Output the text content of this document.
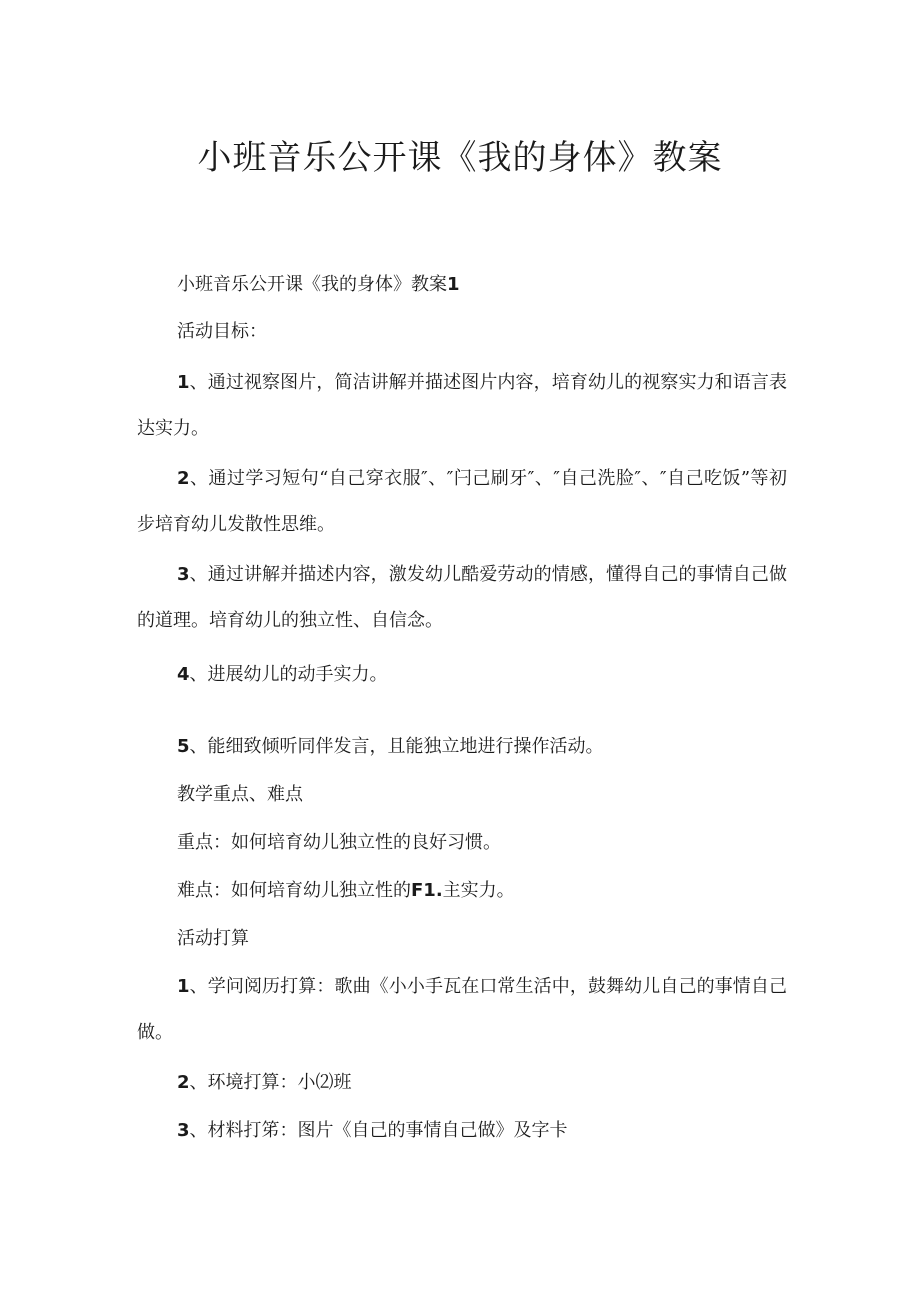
小班音乐公开课《我的身体》教案

小班音乐公开课《我的身体》教案1

活动目标：

1、通过视察图片，简洁讲解并描述图片内容，培育幼儿的视察实力和语言表达实力。

2、通过学习短句“自己穿衣服″、″闩己刷牙″、″自己洗脸″、″自己吃饭”等初步培育幼儿发散性思维。

3、通过讲解并描述内容，激发幼儿酷爱劳动的情感，懂得自己的事情自己做的道理。培育幼儿的独立性、自信念。

4、进展幼儿的动手实力。

5、能细致倾听同伴发言，且能独立地进行操作活动。

教学重点、难点

重点：如何培育幼儿独立性的良好习惯。

难点：如何培育幼儿独立性的F1.主实力。

活动打算

1、学问阅历打算：歌曲《小小手瓦在口常生活中，鼓舞幼儿自己的事情自己做。

2、环境打算：小⑵班

3、材料打笫：图片《自己的事情自己做》及字卡
